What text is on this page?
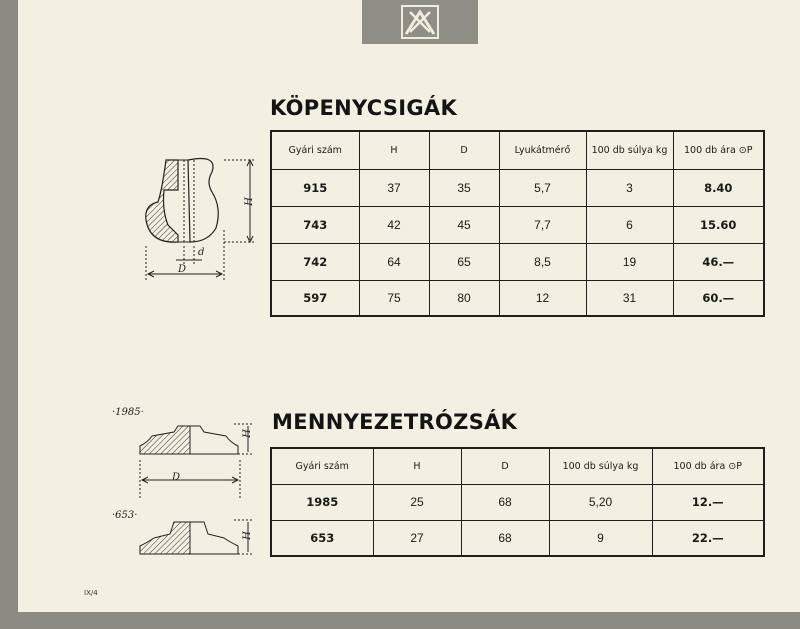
KÖPENYCSIGÁK
H
d
D
Gyári szám	H	D	Lyukátmérő	100 db súlya kg	100 db ára ⊙P
915	37	35	5,7	3	8.40
743	42	45	7,7	6	15.60
742	64	65	8,5	19	46.—
597	75	80	12	31	60.—
MENNYEZETRÓZSÁK
·1985·
·653·
H
D
H
Gyári szám	H	D	100 db súlya kg	100 db ára ⊙P
1985	25	68	5,20	12.—
653	27	68	9	22.—
IX/4
